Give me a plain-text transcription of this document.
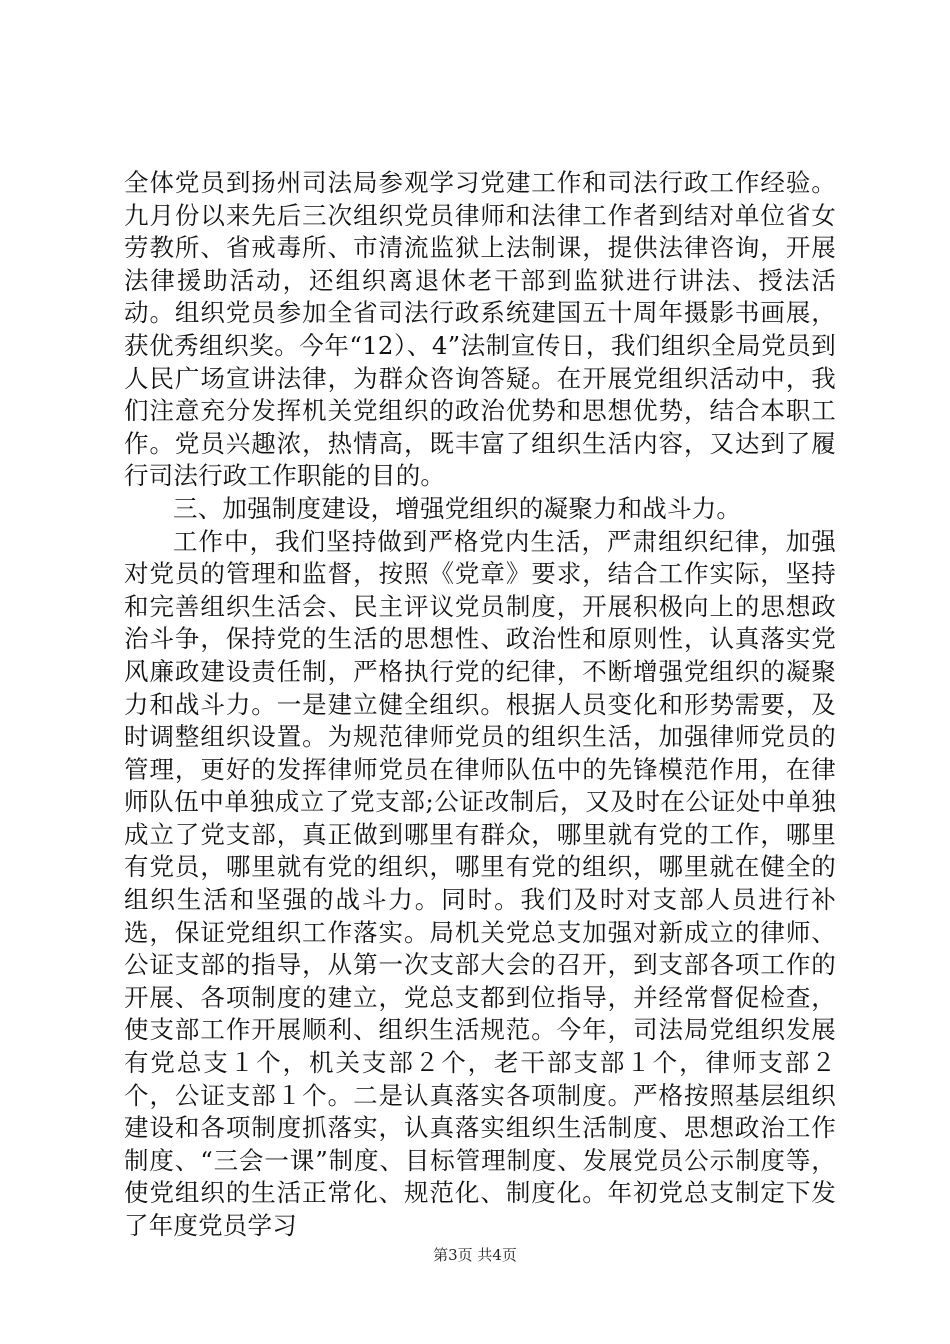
全体党员到扬州司法局参观学习党建工作和司法行政工作经验。九月份以来先后三次组织党员律师和法律工作者到结对单位省女劳教所、省戒毒所、市清流监狱上法制课，提供法律咨询，开展法律援助活动，还组织离退休老干部到监狱进行讲法、授法活动。组织党员参加全省司法行政系统建国五十周年摄影书画展，获优秀组织奖。今年“12）、4”法制宣传日，我们组织全局党员到人民广场宣讲法律，为群众咨询答疑。在开展党组织活动中，我们注意充分发挥机关党组织的政治优势和思想优势，结合本职工作。党员兴趣浓，热情高，既丰富了组织生活内容，又达到了履行司法行政工作职能的目的。

三、加强制度建设，增强党组织的凝聚力和战斗力。

工作中，我们坚持做到严格党内生活，严肃组织纪律，加强对党员的管理和监督，按照《党章》要求，结合工作实际，坚持和完善组织生活会、民主评议党员制度，开展积极向上的思想政治斗争，保持党的生活的思想性、政治性和原则性，认真落实党风廉政建设责任制，严格执行党的纪律，不断增强党组织的凝聚力和战斗力。一是建立健全组织。根据人员变化和形势需要，及时调整组织设置。为规范律师党员的组织生活，加强律师党员的管理，更好的发挥律师党员在律师队伍中的先锋模范作用，在律师队伍中单独成立了党支部;公证改制后，又及时在公证处中单独成立了党支部，真正做到哪里有群众，哪里就有党的工作，哪里有党员，哪里就有党的组织，哪里有党的组织，哪里就在健全的组织生活和坚强的战斗力。同时。我们及时对支部人员进行补选，保证党组织工作落实。局机关党总支加强对新成立的律师、公证支部的指导，从第一次支部大会的召开，到支部各项工作的开展、各项制度的建立，党总支都到位指导，并经常督促检查，使支部工作开展顺利、组织生活规范。今年，司法局党组织发展有党总支１个，机关支部２个，老干部支部１个，律师支部２个，公证支部１个。二是认真落实各项制度。严格按照基层组织建设和各项制度抓落实，认真落实组织生活制度、思想政治工作制度、“三会一课”制度、目标管理制度、发展党员公示制度等，使党组织的生活正常化、规范化、制度化。年初党总支制定下发了年度党员学习

第3页 共4页
